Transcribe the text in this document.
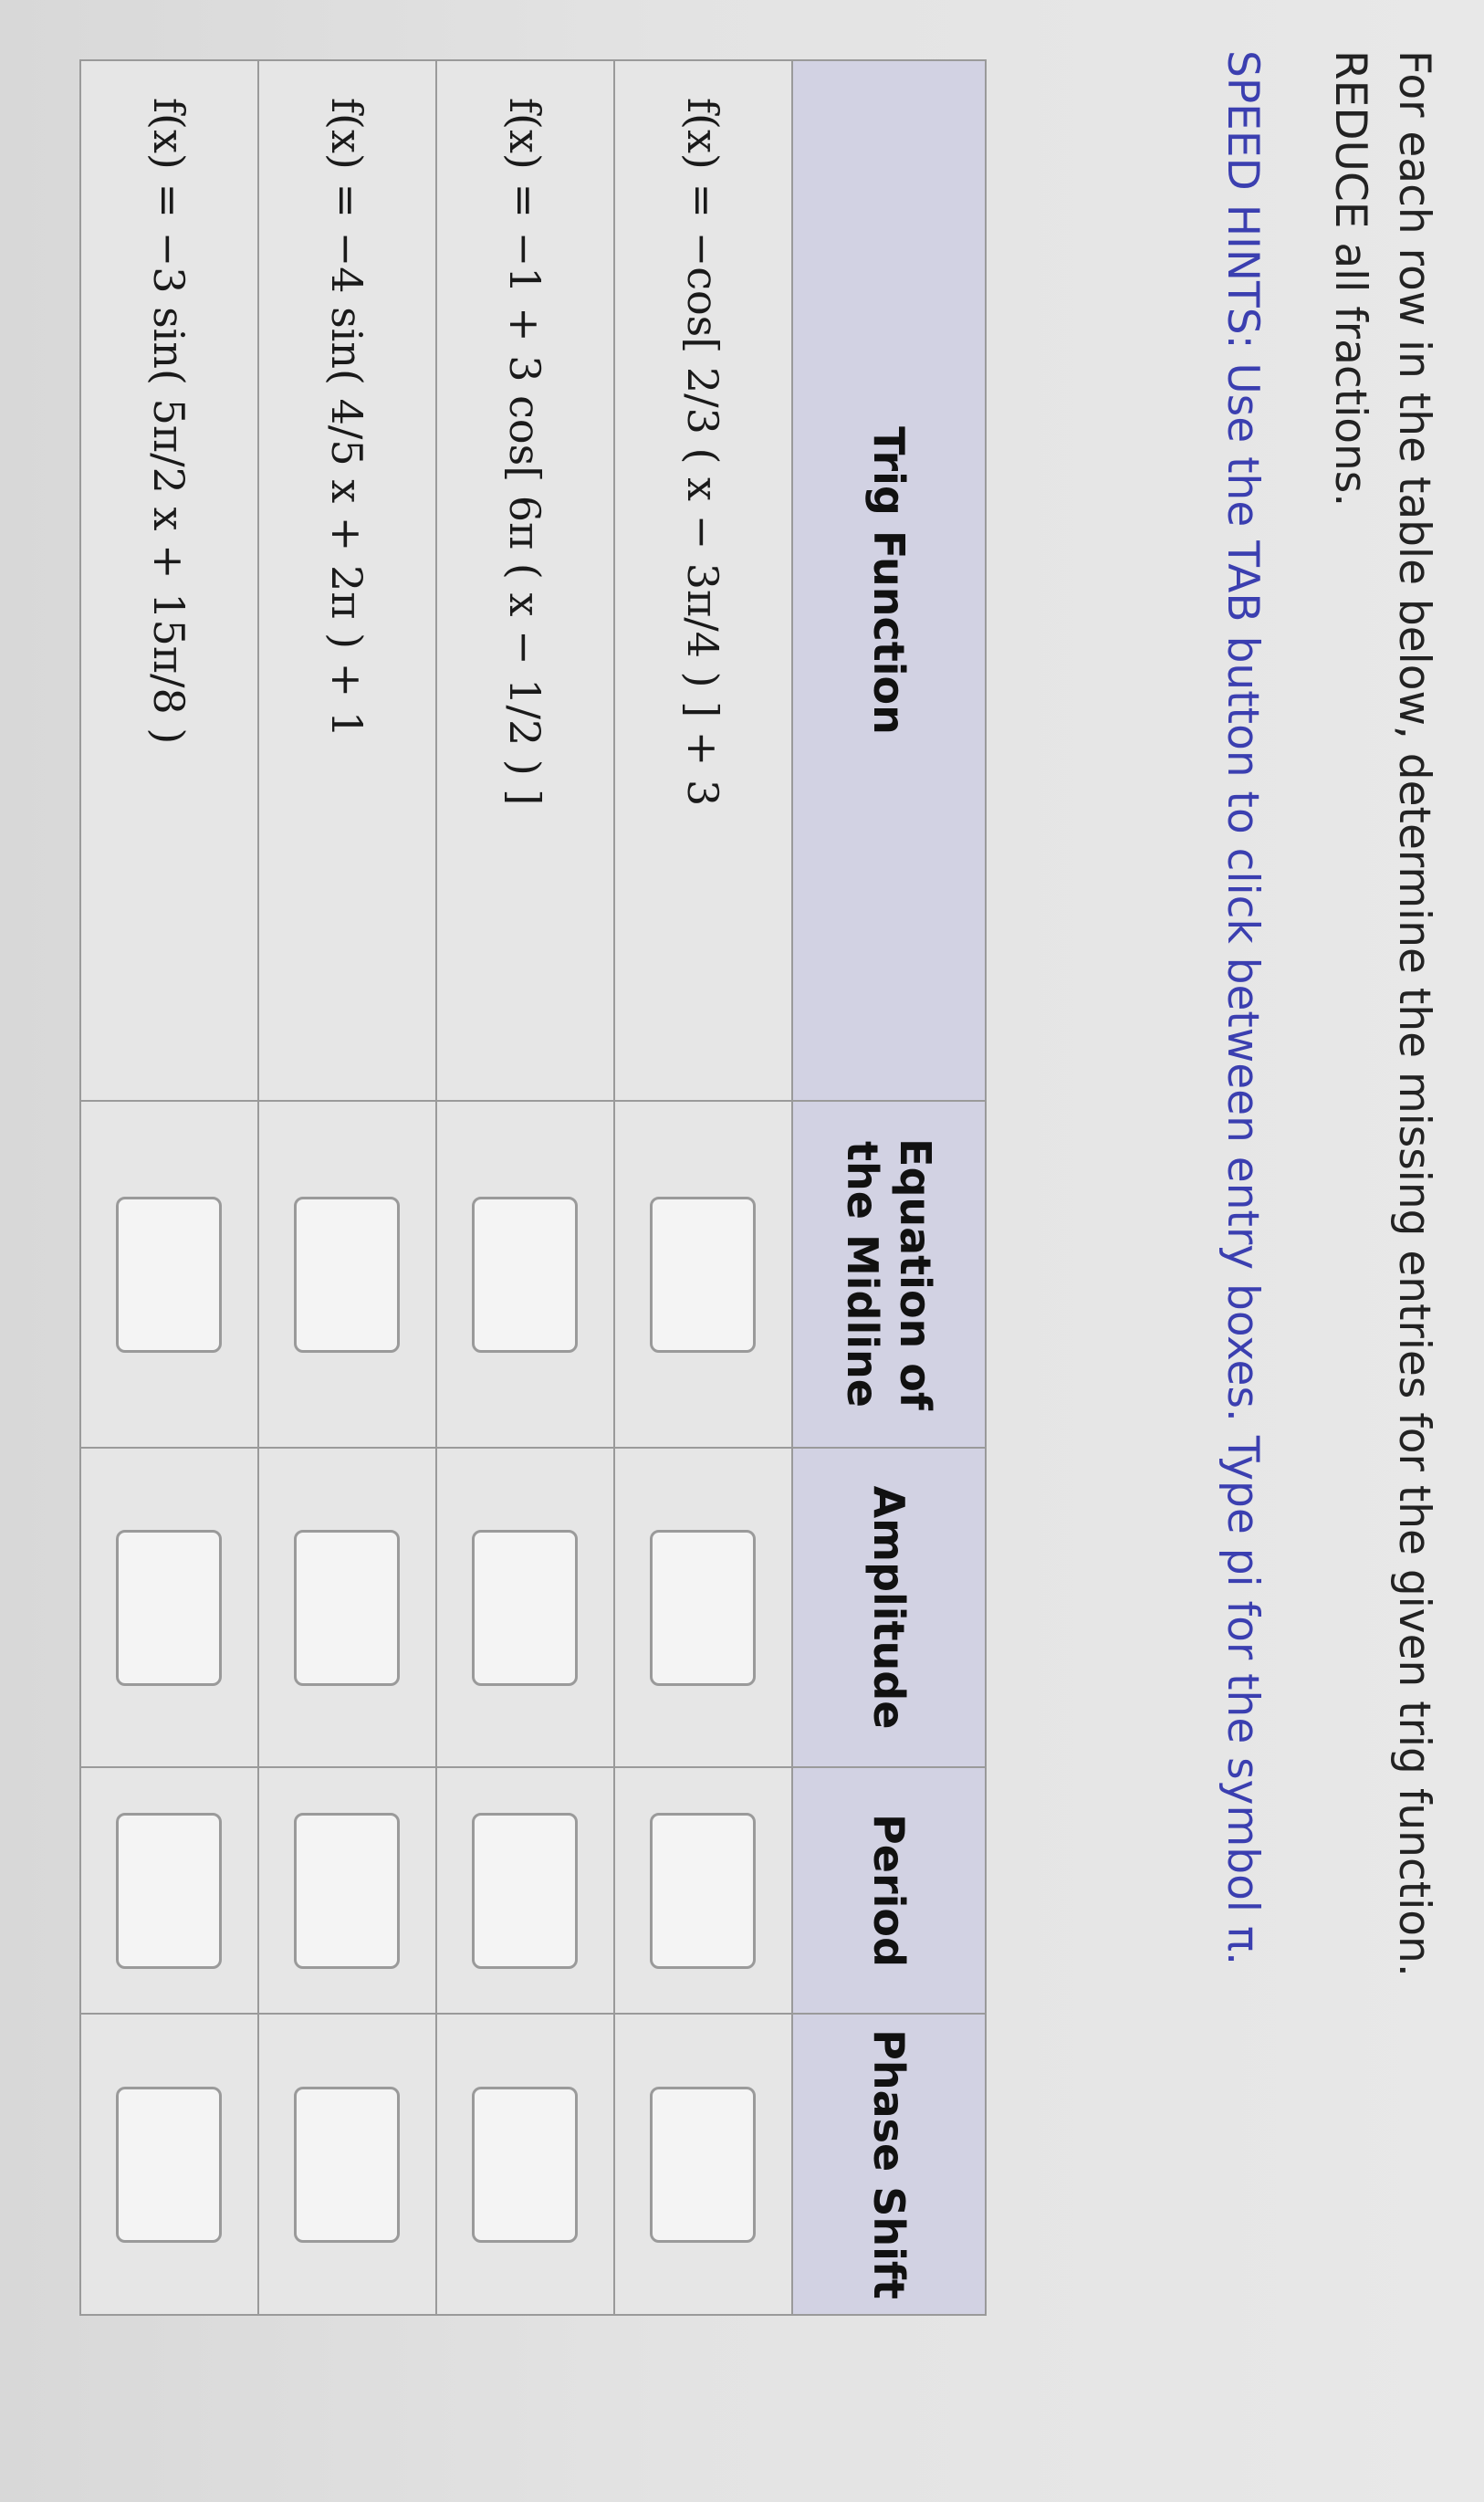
For each row in the table below, determine the missing entries for the given trig function.

REDUCE all fractions.

SPEED HINTS: Use the TAB button to click between entry boxes. Type pi for the symbol π.
Trig Function	Equation of the Midline	Amplitude	Period	Phase Shift
f(x) = −cos[ 2/3 ( x − 3π/4 ) ] + 3				
f(x) = −1 + 3 cos[ 6π ( x − 1/2 ) ]				
f(x) = −4 sin( 4/5 x + 2π ) + 1				
f(x) = −3 sin( 5π/2 x + 15π/8 )				
